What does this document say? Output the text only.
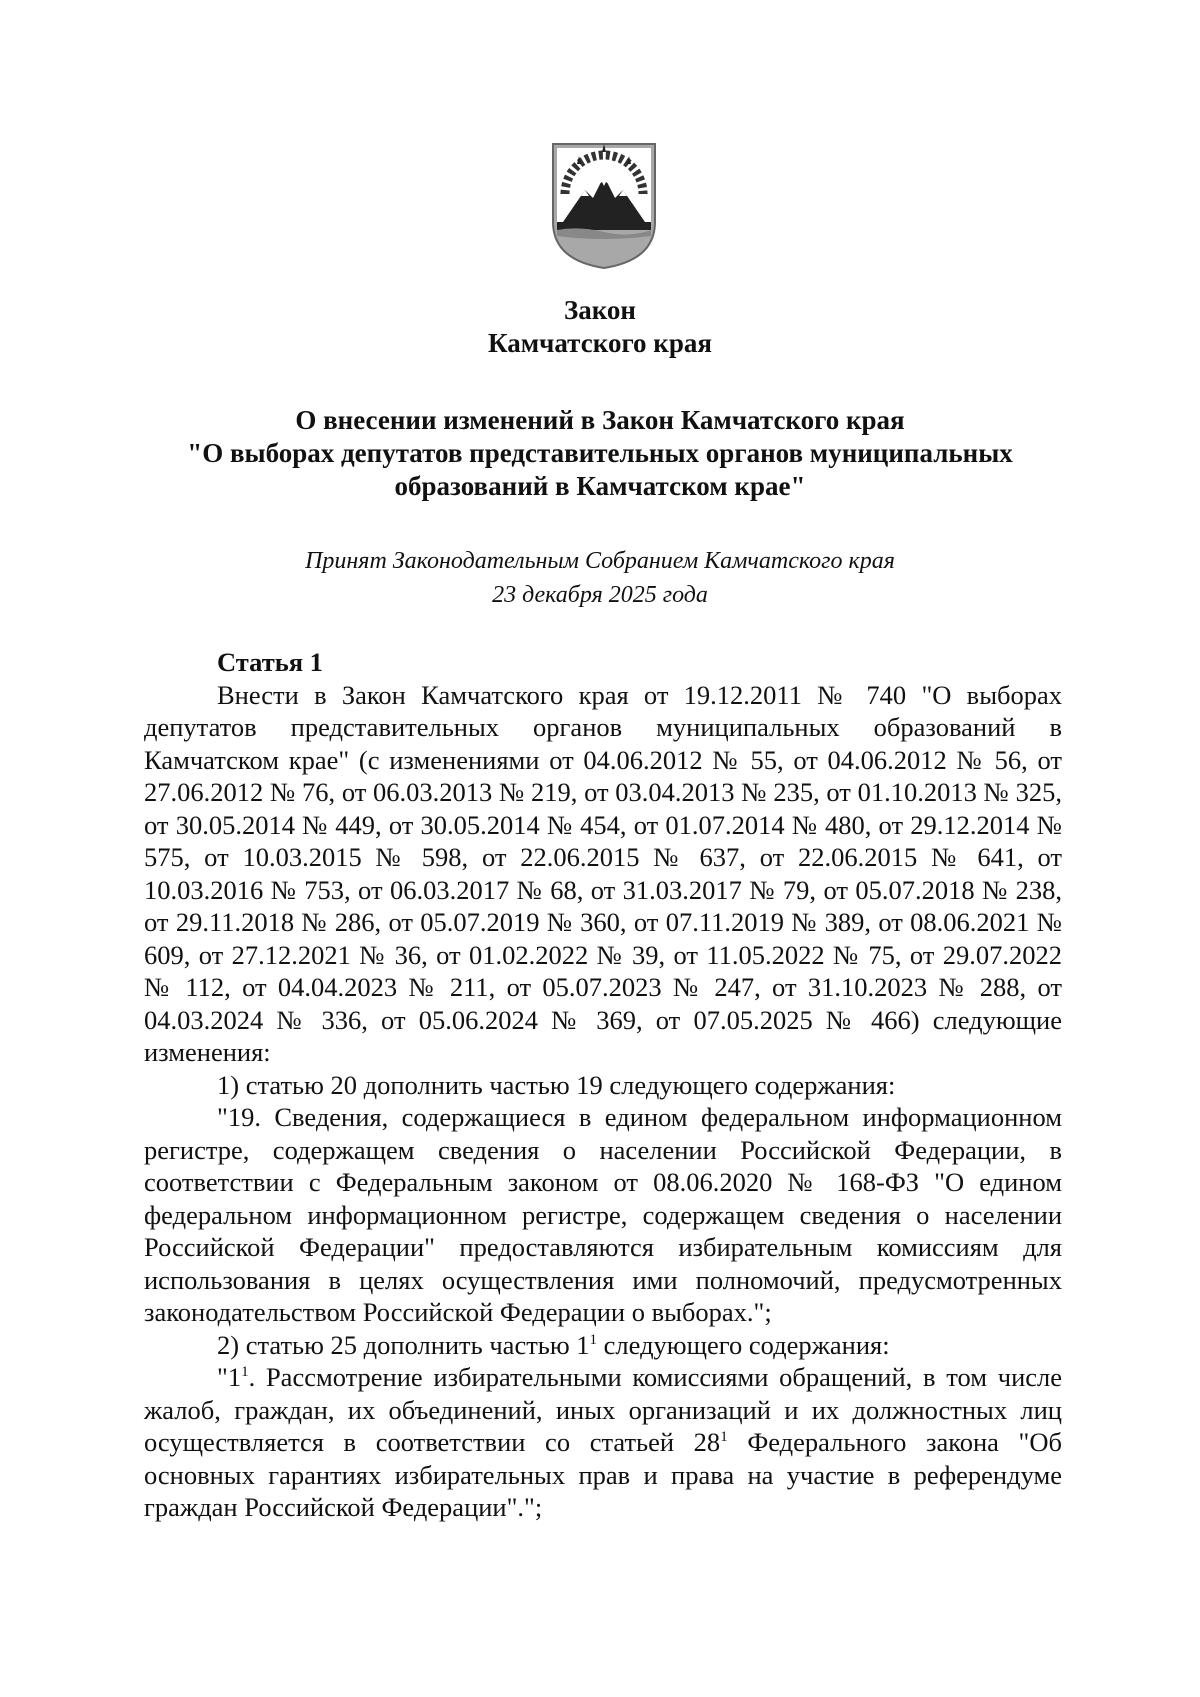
Закон
Камчатского края
О внесении изменений в Закон Камчатского края
"О выборах депутатов представительных органов муниципальных
образований в Камчатском крае"
Принят Законодательным Собранием Камчатского края
23 декабря 2025 года

Статья 1

Внести в Закон Камчатского края от 19.12.2011 № 740 "О выборах депутатов представительных органов муниципальных образований в Камчатском крае" (с изменениями от 04.06.2012 № 55, от 04.06.2012 № 56, от 27.06.2012 № 76, от 06.03.2013 № 219, от 03.04.2013 № 235, от 01.10.2013 № 325, от 30.05.2014 № 449, от 30.05.2014 № 454, от 01.07.2014 № 480, от 29.12.2014 № 575, от 10.03.2015 № 598, от 22.06.2015 № 637, от 22.06.2015 № 641, от 10.03.2016 № 753, от 06.03.2017 № 68, от 31.03.2017 № 79, от 05.07.2018 № 238, от 29.11.2018 № 286, от 05.07.2019 № 360, от 07.11.2019 № 389, от 08.06.2021 № 609, от 27.12.2021 № 36, от 01.02.2022 № 39, от 11.05.2022 № 75, от 29.07.2022 № 112, от 04.04.2023 № 211, от 05.07.2023 № 247, от 31.10.2023 № 288, от 04.03.2024 № 336, от 05.06.2024 № 369, от 07.05.2025 № 466) следующие изменения:

1) статью 20 дополнить частью 19 следующего содержания:

"19. Сведения, содержащиеся в едином федеральном информационном регистре, содержащем сведения о населении Российской Федерации, в соответствии с Федеральным законом от 08.06.2020 № 168-ФЗ "О едином федеральном информационном регистре, содержащем сведения о населении Российской Федерации" предоставляются избирательным комиссиям для использования в целях осуществления ими полномочий, предусмотренных законодательством Российской Федерации о выборах.";

2) статью 25 дополнить частью $1^1$ следующего содержания:

"$1^1$. Рассмотрение избирательными комиссиями обращений, в том числе жалоб, граждан, их объединений, иных организаций и их должностных лиц осуществляется в соответствии со статьей $28^1$ Федерального закона "Об основных гарантиях избирательных прав и права на участие в референдуме граждан Российской Федерации".";
